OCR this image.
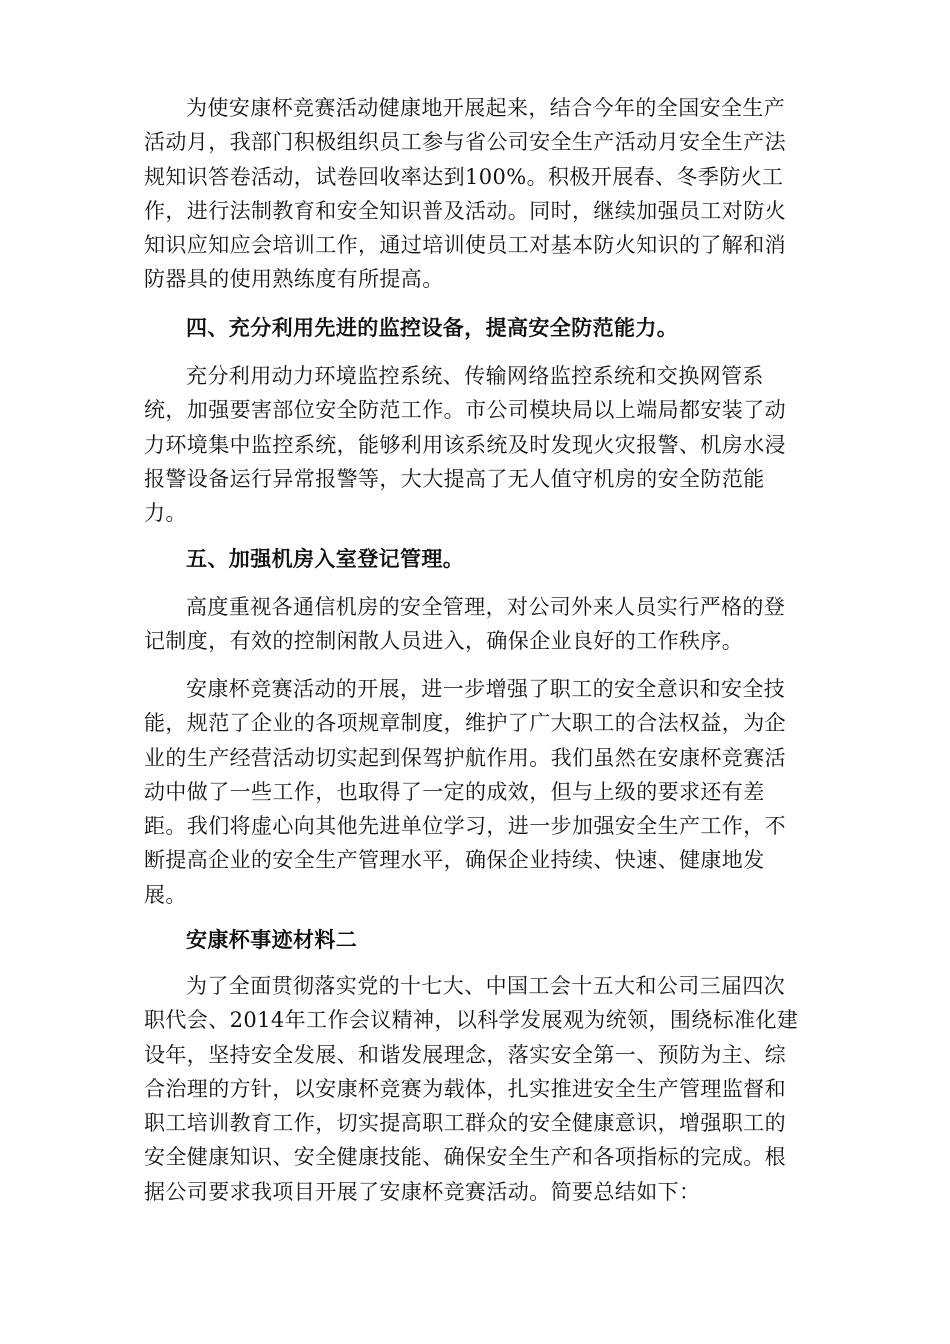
为使安康杯竞赛活动健康地开展起来，结合今年的全国安全生产活动月，我部门积极组织员工参与省公司安全生产活动月安全生产法规知识答卷活动，试卷回收率达到100%。积极开展春、冬季防火工作，进行法制教育和安全知识普及活动。同时，继续加强员工对防火知识应知应会培训工作，通过培训使员工对基本防火知识的了解和消防器具的使用熟练度有所提高。

四、充分利用先进的监控设备，提高安全防范能力。

充分利用动力环境监控系统、传输网络监控系统和交换网管系统，加强要害部位安全防范工作。市公司模块局以上端局都安装了动力环境集中监控系统，能够利用该系统及时发现火灾报警、机房水浸报警设备运行异常报警等，大大提高了无人值守机房的安全防范能力。

五、加强机房入室登记管理。

高度重视各通信机房的安全管理，对公司外来人员实行严格的登记制度，有效的控制闲散人员进入，确保企业良好的工作秩序。

安康杯竞赛活动的开展，进一步增强了职工的安全意识和安全技能，规范了企业的各项规章制度，维护了广大职工的合法权益，为企业的生产经营活动切实起到保驾护航作用。我们虽然在安康杯竞赛活动中做了一些工作，也取得了一定的成效，但与上级的要求还有差距。我们将虚心向其他先进单位学习，进一步加强安全生产工作，不断提高企业的安全生产管理水平，确保企业持续、快速、健康地发展。

安康杯事迹材料二

为了全面贯彻落实党的十七大、中国工会十五大和公司三届四次职代会、2014年工作会议精神，以科学发展观为统领，围绕标准化建设年，坚持安全发展、和谐发展理念，落实安全第一、预防为主、综合治理的方针，以安康杯竞赛为载体，扎实推进安全生产管理监督和职工培训教育工作，切实提高职工群众的安全健康意识，增强职工的安全健康知识、安全健康技能、确保安全生产和各项指标的完成。根据公司要求我项目开展了安康杯竞赛活动。简要总结如下：
